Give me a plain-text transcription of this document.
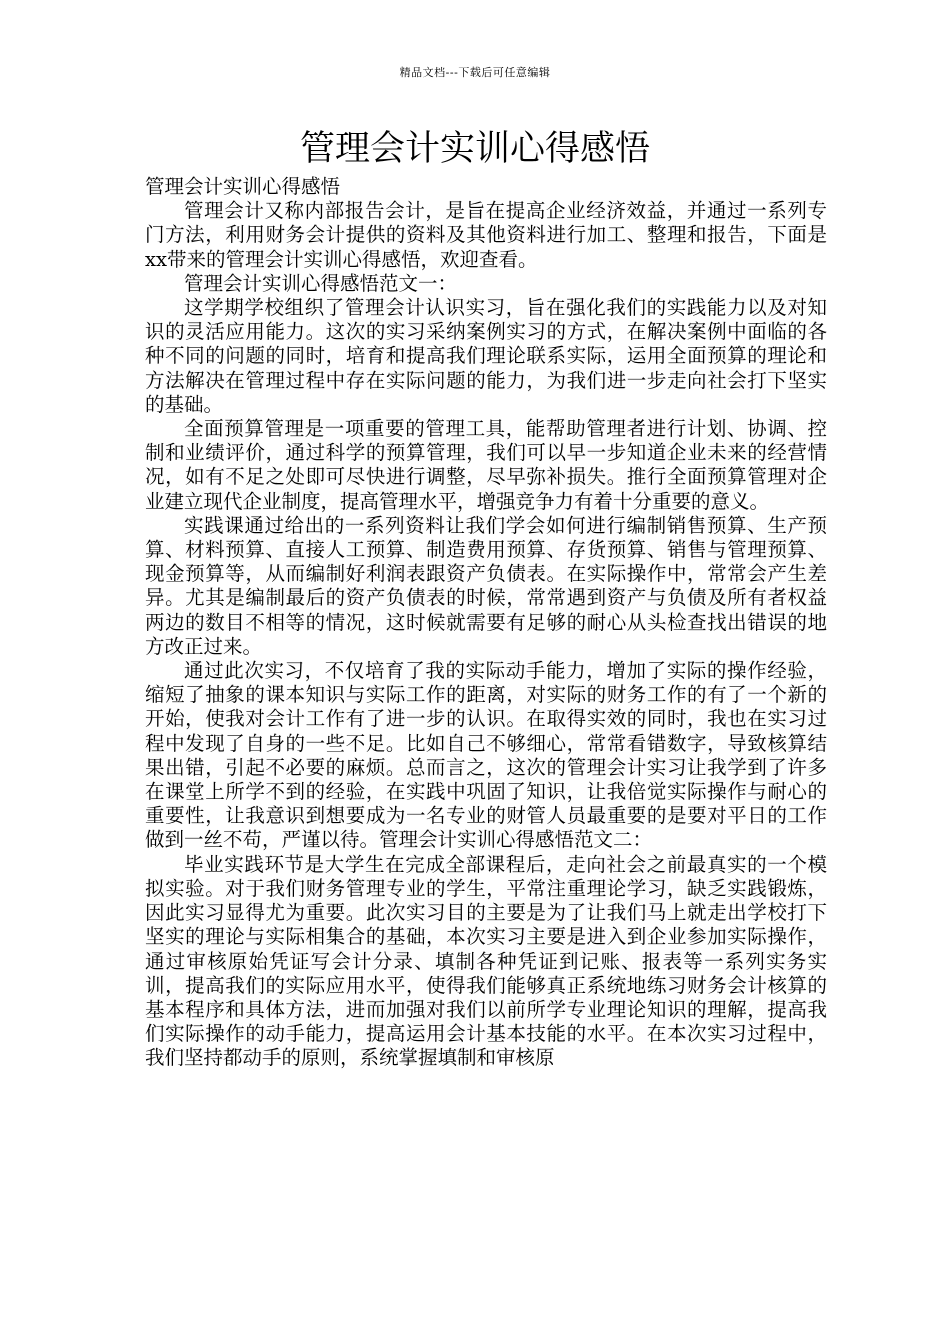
精品文档---下载后可任意编辑
管理会计实训心得感悟

管理会计实训心得感悟

管理会计又称内部报告会计，是旨在提高企业经济效益，并通过一系列专门方法，利用财务会计提供的资料及其他资料进行加工、整理和报告，下面是xx带来的管理会计实训心得感悟，欢迎查看。

管理会计实训心得感悟范文一：

这学期学校组织了管理会计认识实习，旨在强化我们的实践能力以及对知识的灵活应用能力。这次的实习采纳案例实习的方式，在解决案例中面临的各种不同的问题的同时，培育和提高我们理论联系实际，运用全面预算的理论和方法解决在管理过程中存在实际问题的能力，为我们进一步走向社会打下坚实的基础。

全面预算管理是一项重要的管理工具，能帮助管理者进行计划、协调、控制和业绩评价，通过科学的预算管理，我们可以早一步知道企业未来的经营情况，如有不足之处即可尽快进行调整，尽早弥补损失。推行全面预算管理对企业建立现代企业制度，提高管理水平，增强竞争力有着十分重要的意义。

实践课通过给出的一系列资料让我们学会如何进行编制销售预算、生产预算、材料预算、直接人工预算、制造费用预算、存货预算、销售与管理预算、现金预算等，从而编制好利润表跟资产负债表。在实际操作中，常常会产生差异。尤其是编制最后的资产负债表的时候，常常遇到资产与负债及所有者权益两边的数目不相等的情况，这时候就需要有足够的耐心从头检查找出错误的地方改正过来。

通过此次实习，不仅培育了我的实际动手能力，增加了实际的操作经验，缩短了抽象的课本知识与实际工作的距离，对实际的财务工作的有了一个新的开始，使我对会计工作有了进一步的认识。在取得实效的同时，我也在实习过程中发现了自身的一些不足。比如自己不够细心，常常看错数字，导致核算结果出错，引起不必要的麻烦。总而言之，这次的管理会计实习让我学到了许多在课堂上所学不到的经验，在实践中巩固了知识，让我倍觉实际操作与耐心的重要性，让我意识到想要成为一名专业的财管人员最重要的是要对平日的工作做到一丝不苟，严谨以待。管理会计实训心得感悟范文二：

毕业实践环节是大学生在完成全部课程后，走向社会之前最真实的一个模拟实验。对于我们财务管理专业的学生，平常注重理论学习，缺乏实践锻炼，因此实习显得尤为重要。此次实习目的主要是为了让我们马上就走出学校打下坚实的理论与实际相集合的基础，本次实习主要是进入到企业参加实际操作，通过审核原始凭证写会计分录、填制各种凭证到记账、报表等一系列实务实训，提高我们的实际应用水平，使得我们能够真正系统地练习财务会计核算的基本程序和具体方法，进而加强对我们以前所学专业理论知识的理解，提高我们实际操作的动手能力，提高运用会计基本技能的水平。在本次实习过程中，我们坚持都动手的原则，系统掌握填制和审核原
